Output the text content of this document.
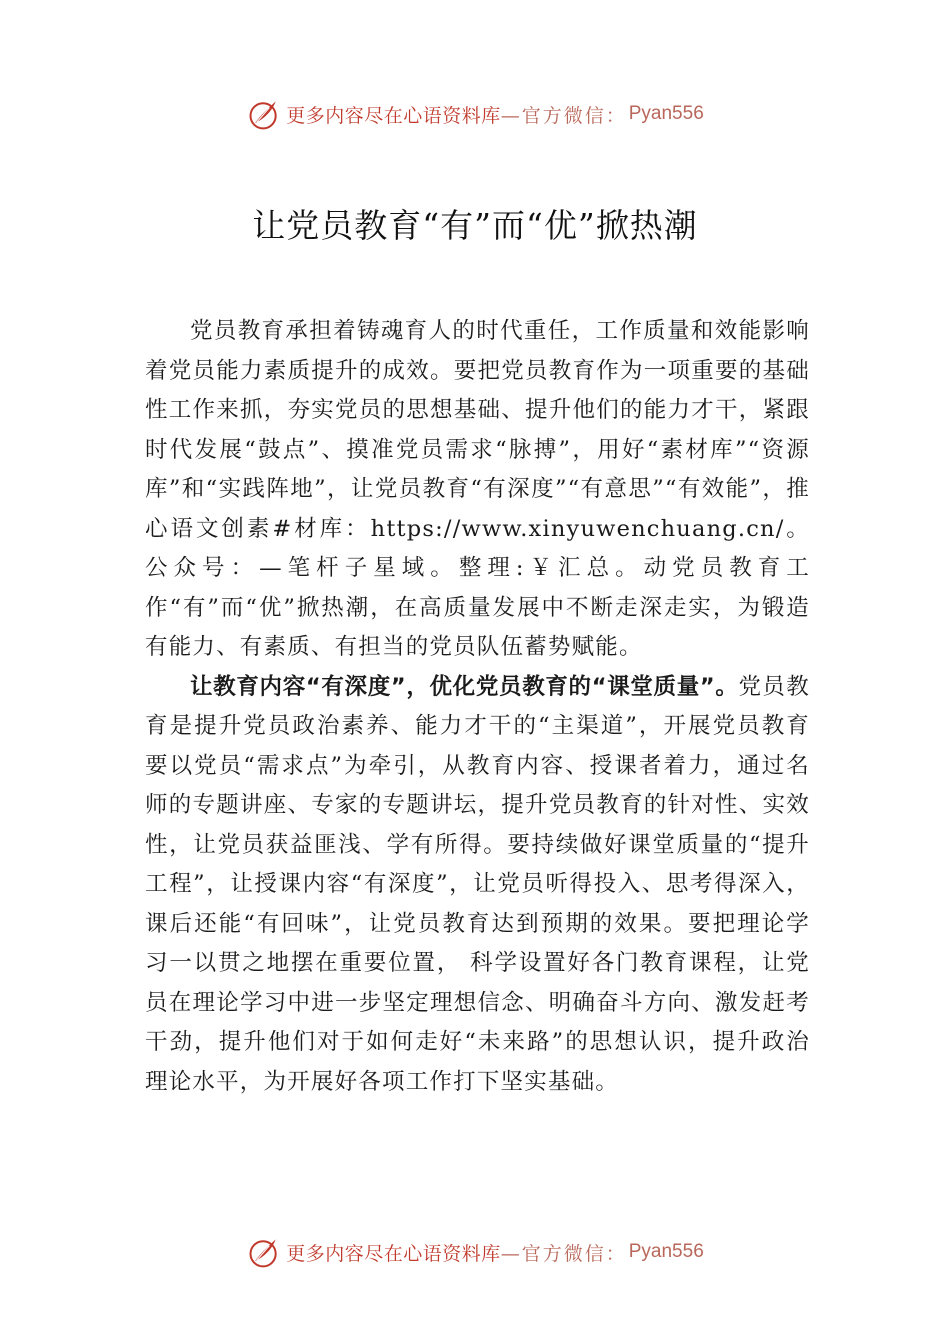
更多内容尽在心语资料库 —官方微信： Pyan556
让党员教育“有”而“优”掀热潮

党员教育承担着铸魂育人的时代重任，工作质量和效能影响着党员能力素质提升的成效。要把党员教育作为一项重要的基础性工作来抓，夯实党员的思想基础、提升他们的能力才干，紧跟时代发展“鼓点”、摸准党员需求“脉搏”，用好“素材库”“资源库”和“实践阵地”，让党员教育“有深度”“有意思”“有效能”，推心语文创素#材库：https://www.xinyuwenchuang.cn/。公众号：—笔杆子星域。整理:￥汇总。动党员教育工作“有”而“优”掀热潮，在高质量发展中不断走深走实，为锻造有能力、有素质、有担当的党员队伍蓄势赋能。

让教育内容“有深度”，优化党员教育的“课堂质量”。党员教育是提升党员政治素养、能力才干的“主渠道”，开展党员教育要以党员“需求点”为牵引，从教育内容、授课者着力，通过名师的专题讲座、专家的专题讲坛，提升党员教育的针对性、实效性，让党员获益匪浅、学有所得。要持续做好课堂质量的“提升工程”，让授课内容“有深度”，让党员听得投入、思考得深入，课后还能“有回味”，让党员教育达到预期的效果。要把理论学习一以贯之地摆在重要位置， 科学设置好各门教育课程，让党员在理论学习中进一步坚定理想信念、明确奋斗方向、激发赶考干劲，提升他们对于如何走好“未来路”的思想认识，提升政治理论水平，为开展好各项工作打下坚实基础。

更多内容尽在心语资料库 —官方微信： Pyan556
